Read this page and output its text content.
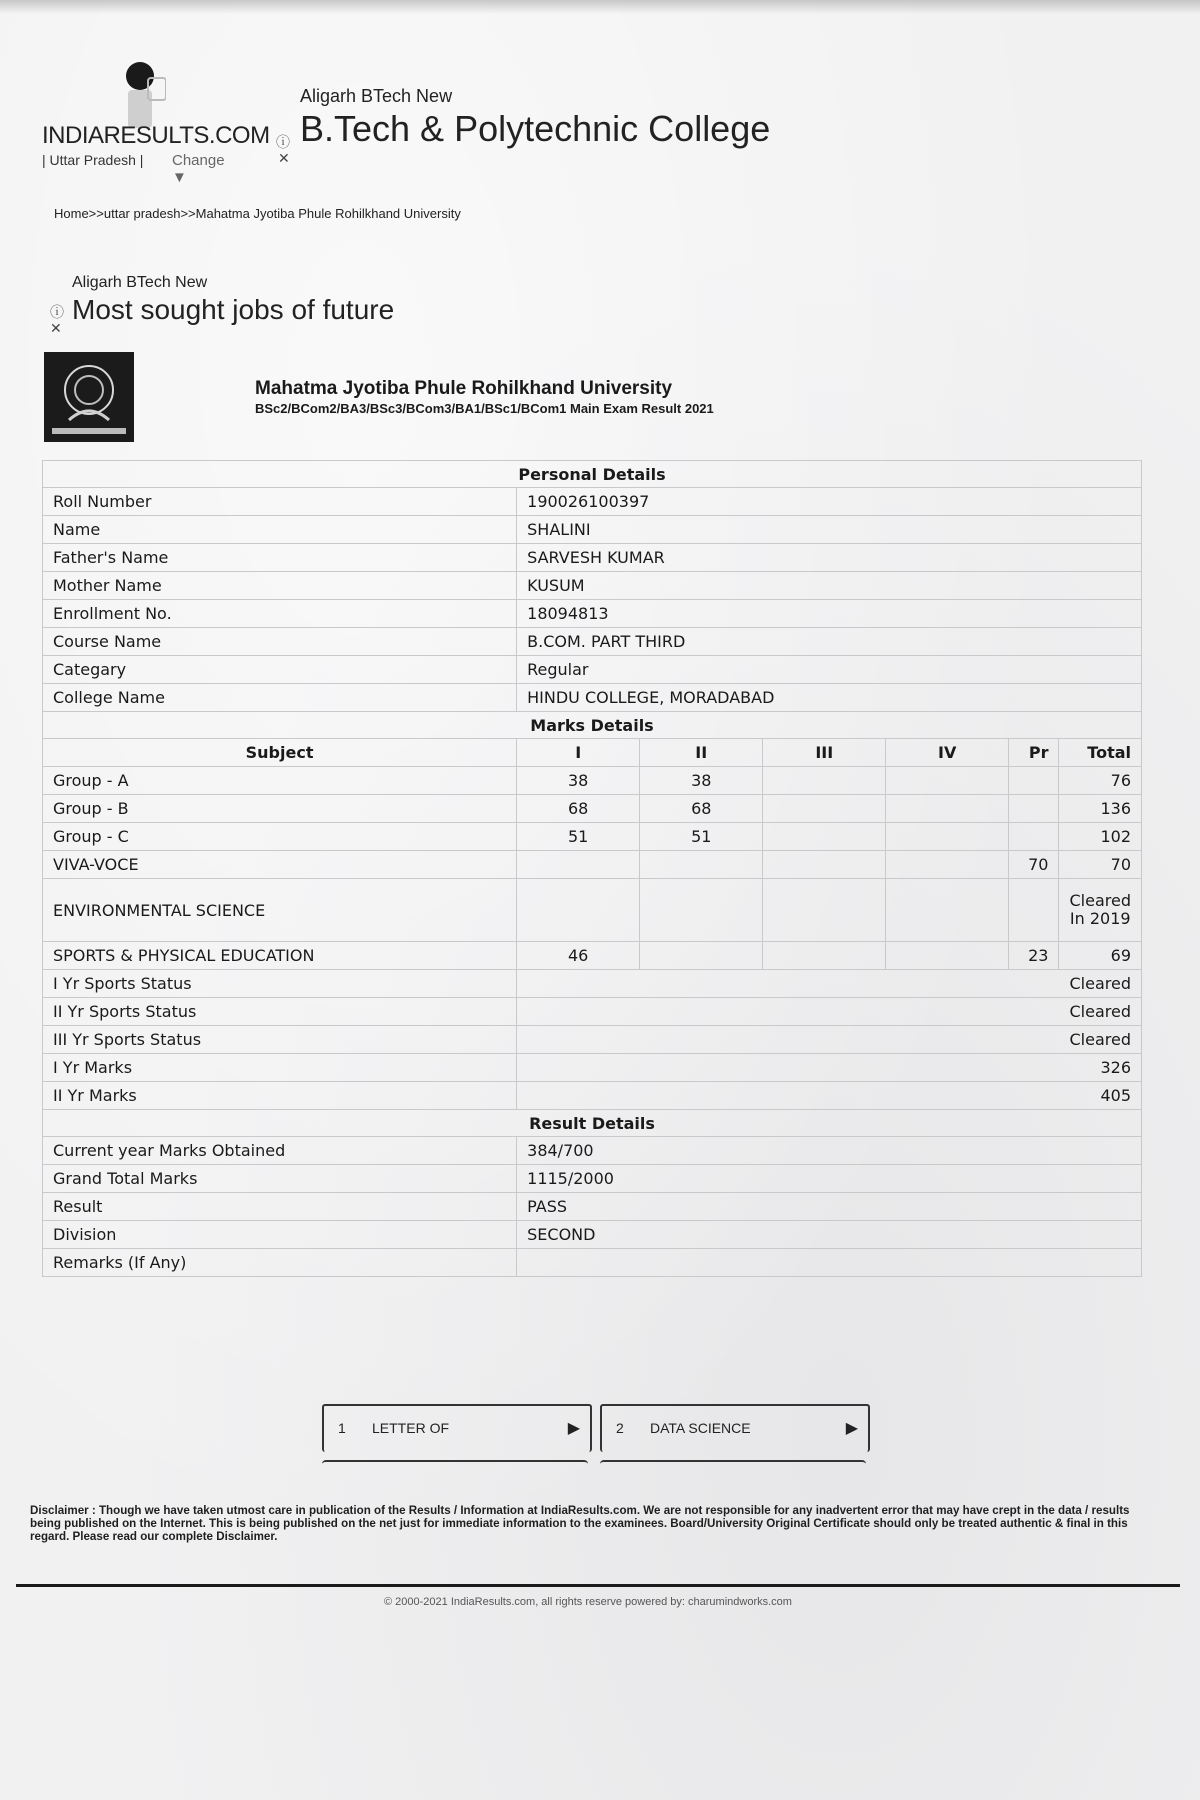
INDIARESULTS.COM
| Uttar Pradesh | Change ▼
Aligarh BTech New
B.Tech & Polytechnic College
ⓘ
✕
Home>>uttar pradesh>>Mahatma Jyotiba Phule Rohilkhand University
Aligarh BTech New
Most sought jobs of future
ⓘ
✕
Mahatma Jyotiba Phule Rohilkhand University
BSc2/BCom2/BA3/BSc3/BCom3/BA1/BSc1/BCom1 Main Exam Result 2021
Personal Details						
Roll Number	190026100397					
Name	SHALINI					
Father's Name	SARVESH KUMAR					
Mother Name	KUSUM					
Enrollment No.	18094813					
Course Name	B.COM. PART THIRD					
Categary	Regular					
College Name	HINDU COLLEGE, MORADABAD					
Marks Details						
Subject	I	II	III	IV	Pr	Total
Group - A	38	38				76
Group - B	68	68				136
Group - C	51	51				102
VIVA-VOCE					70	70
ENVIRONMENTAL SCIENCE						Cleared In 2019
SPORTS & PHYSICAL EDUCATION	46				23	69
I Yr Sports Status	Cleared					
II Yr Sports Status	Cleared					
III Yr Sports Status	Cleared					
I Yr Marks	326					
II Yr Marks	405					
Result Details						
Current year Marks Obtained	384/700					
Grand Total Marks	1115/2000					
Result	PASS					
Division	SECOND					
Remarks (If Any)						
1 LETTER OF	▶	2 DATA SCIENCE	▶
Disclaimer : Though we have taken utmost care in publication of the Results / Information at IndiaResults.com. We are not responsible for any inadvertent error that may have crept in the data / results being published on the Internet. This is being published on the net just for immediate information to the examinees. Board/University Original Certificate should only be treated authentic & final in this regard. Please read our complete Disclaimer.
© 2000-2021 IndiaResults.com, all rights reserve powered by: charumindworks.com
